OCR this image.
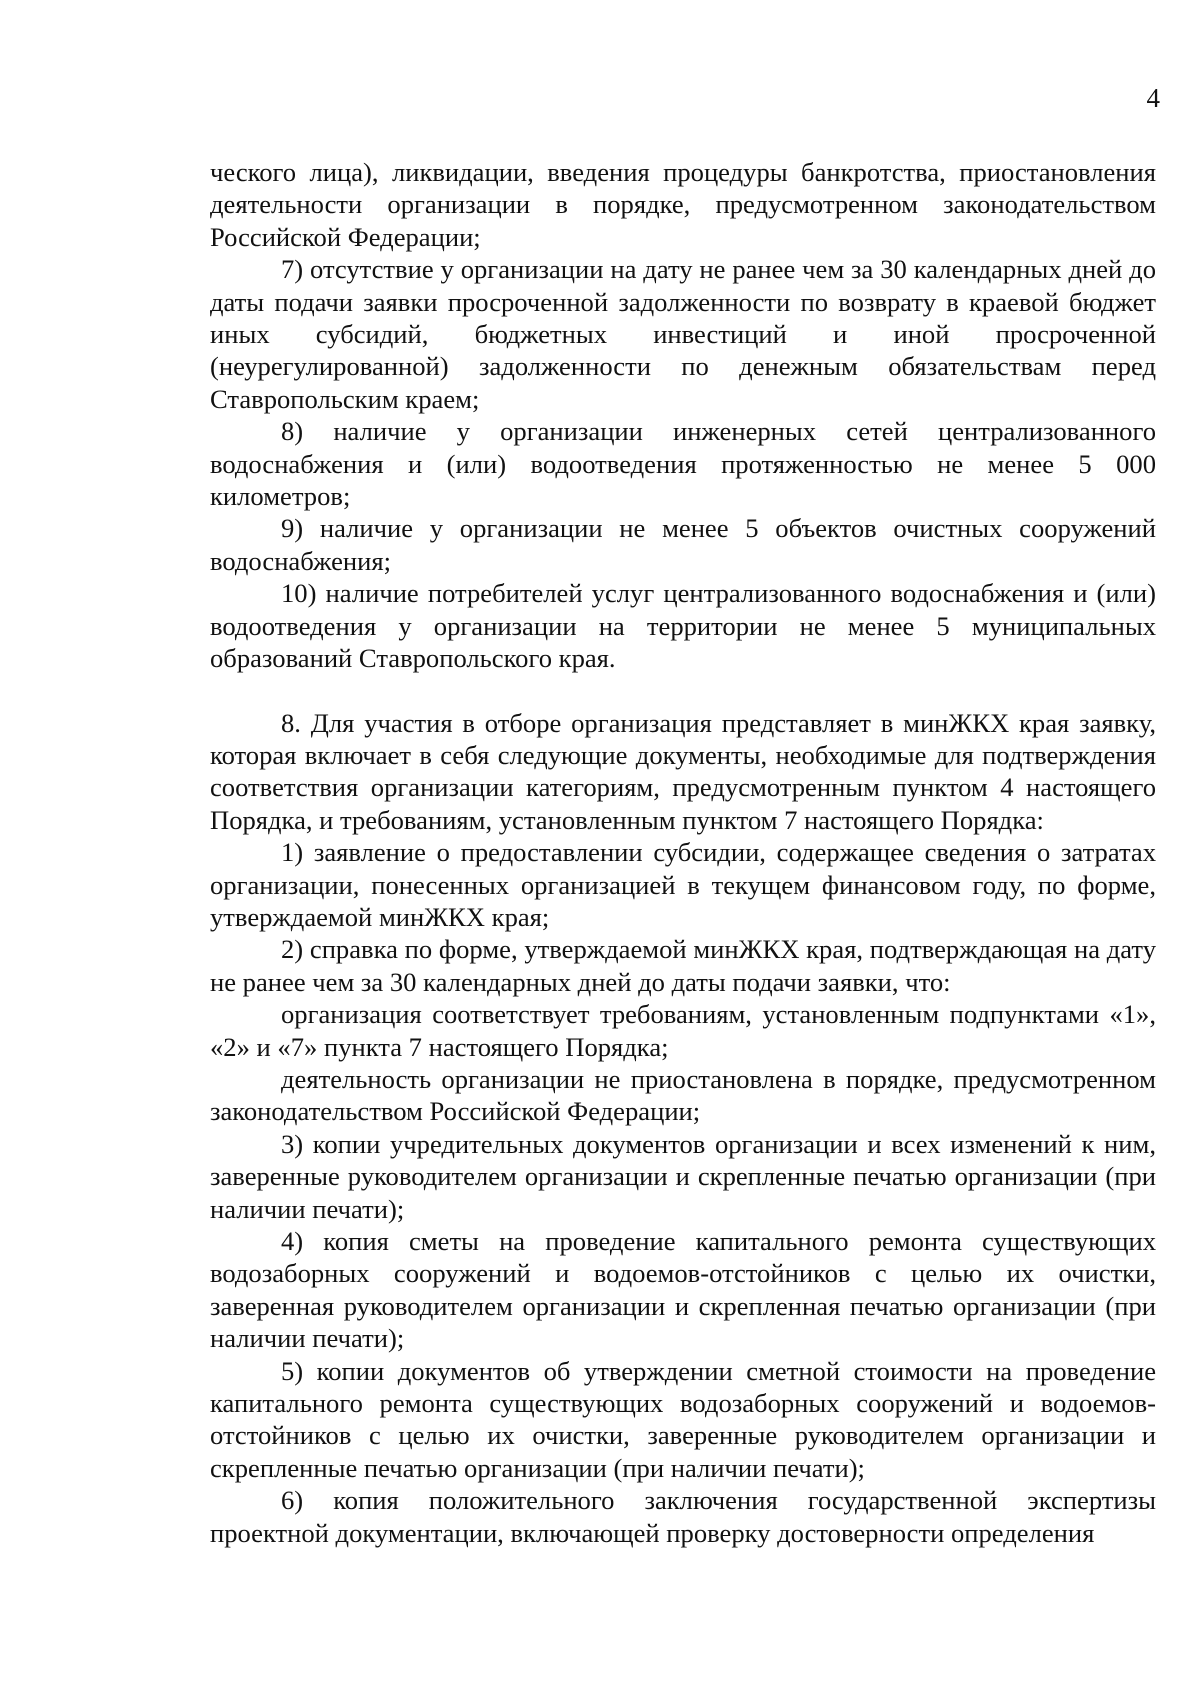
4

ческого лица), ликвидации, введения процедуры банкротства, приостановления деятельности организации в порядке, предусмотренном законодательством Российской Федерации;

7) отсутствие у организации на дату не ранее чем за 30 календарных дней до даты подачи заявки просроченной задолженности по возврату в краевой бюджет иных субсидий, бюджетных инвестиций и иной просроченной (неурегулированной) задолженности по денежным обязательствам перед Ставропольским краем;

8) наличие у организации инженерных сетей централизованного водоснабжения и (или) водоотведения протяженностью не менее 5 000 километров;

9) наличие у организации не менее 5 объектов очистных сооружений водоснабжения;

10) наличие потребителей услуг централизованного водоснабжения и (или) водоотведения у организации на территории не менее 5 муниципальных образований Ставропольского края.

8. Для участия в отборе организация представляет в минЖКХ края заявку, которая включает в себя следующие документы, необходимые для подтверждения соответствия организации категориям, предусмотренным пунктом 4 настоящего Порядка, и требованиям, установленным пунктом 7 настоящего Порядка:

1) заявление о предоставлении субсидии, содержащее сведения о затратах организации, понесенных организацией в текущем финансовом году, по форме, утверждаемой минЖКХ края;

2) справка по форме, утверждаемой минЖКХ края, подтверждающая на дату не ранее чем за 30 календарных дней до даты подачи заявки, что:

организация соответствует требованиям, установленным подпунктами «1», «2» и «7» пункта 7 настоящего Порядка;

деятельность организации не приостановлена в порядке, предусмотренном законодательством Российской Федерации;

3) копии учредительных документов организации и всех изменений к ним, заверенные руководителем организации и скрепленные печатью организации (при наличии печати);

4) копия сметы на проведение капитального ремонта существующих водозаборных сооружений и водоемов-отстойников с целью их очистки, заверенная руководителем организации и скрепленная печатью организации (при наличии печати);

5) копии документов об утверждении сметной стоимости на проведение капитального ремонта существующих водозаборных сооружений и водоемов-отстойников с целью их очистки, заверенные руководителем организации и скрепленные печатью организации (при наличии печати);

6) копия положительного заключения государственной экспертизы проектной документации, включающей проверку достоверности определения
